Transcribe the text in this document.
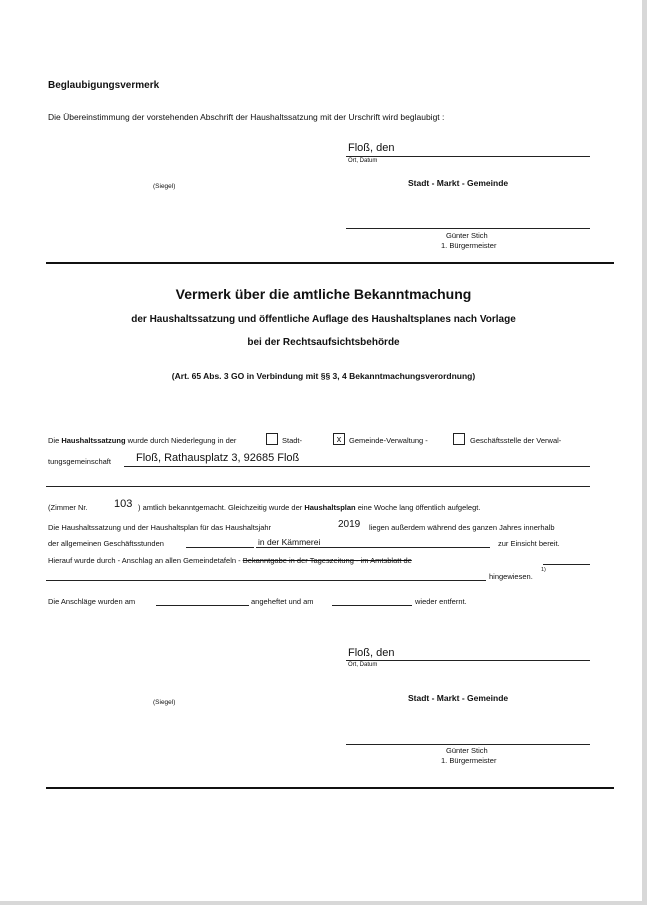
Beglaubigungsvermerk
Die Übereinstimmung der vorstehenden Abschrift der Haushaltssatzung mit der Urschrift wird beglaubigt :
Floß, den
Ort, Datum
(Siegel)	Stadt - Markt - Gemeinde
Günter Stich
1. Bürgermeister
Vermerk über die amtliche Bekanntmachung
der Haushaltssatzung und öffentliche Auflage des Haushaltsplanes nach Vorlage
bei der Rechtsaufsichtsbehörde
(Art. 65 Abs. 3 GO in Verbindung mit §§ 3, 4 Bekanntmachungsverordnung)
Die Haushaltssatzung wurde durch Niederlegung in der	Stadt-	x	Gemeinde-Verwaltung -	Geschäftsstelle der Verwal-
tungsgemeinschaft Floß, Rathausplatz 3, 92685 Floß
(Zimmer Nr. 103 ) amtlich bekanntgemacht. Gleichzeitig wurde der Haushaltsplan eine Woche lang öffentlich aufgelegt.
Die Haushaltssatzung und der Haushaltsplan für das Haushaltsjahr	2019 liegen außerdem während des ganzen Jahres innerhalb
der allgemeinen Geschäftsstunden	in der Kämmerei	zur Einsicht bereit.
Hierauf wurde durch - Anschlag an allen Gemeindetafeln - Bekanntgabe in der Tageszeitung - im Amtsblatt de
hingewiesen.
1)
Die Anschläge wurden am	angeheftet und am	wieder entfernt.
Floß, den
Ort, Datum
(Siegel)	Stadt - Markt - Gemeinde
Günter Stich
1. Bürgermeister
